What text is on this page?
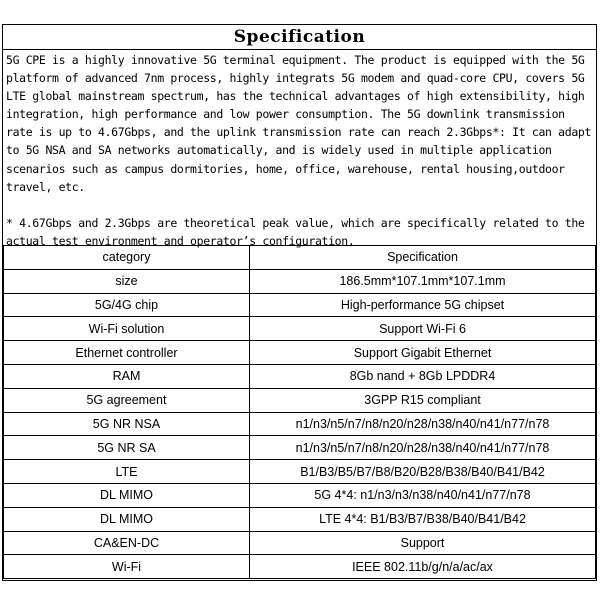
Specification

5G CPE is a highly innovative 5G terminal equipment. The product is equipped with the 5G platform of advanced 7nm process, highly integrats 5G modem and quad-core CPU, covers 5G LTE global mainstream spectrum, has the technical advantages of high extensibility, high integration, high performance and low power consumption. The 5G downlink transmission rate is up to 4.67Gbps, and the uplink transmission rate can reach 2.3Gbps*: It can adapt to 5G NSA and SA networks automatically, and is widely used in multiple application scenarios such as campus dormitories, home, office, warehouse, rental housing,outdoor travel, etc.

* 4.67Gbps and 2.3Gbps are theoretical peak value, which are specifically related to the actual test environment and operator’s configuration.

category	Specification
size	186.5mm*107.1mm*107.1mm
5G/4G chip	High-performance 5G chipset
Wi-Fi solution	Support Wi-Fi 6
Ethernet controller	Support Gigabit Ethernet
RAM	8Gb nand + 8Gb LPDDR4
5G agreement	3GPP R15 compliant
5G NR NSA	n1/n3/n5/n7/n8/n20/n28/n38/n40/n41/n77/n78
5G NR SA	n1/n3/n5/n7/n8/n20/n28/n38/n40/n41/n77/n78
LTE	B1/B3/B5/B7/B8/B20/B28/B38/B40/B41/B42
DL MIMO	5G 4*4: n1/n3/n3/n38/n40/n41/n77/n78
DL MIMO	LTE 4*4: B1/B3/B7/B38/B40/B41/B42
CA&EN-DC	Support
Wi-Fi	IEEE 802.11b/g/n/a/ac/ax
